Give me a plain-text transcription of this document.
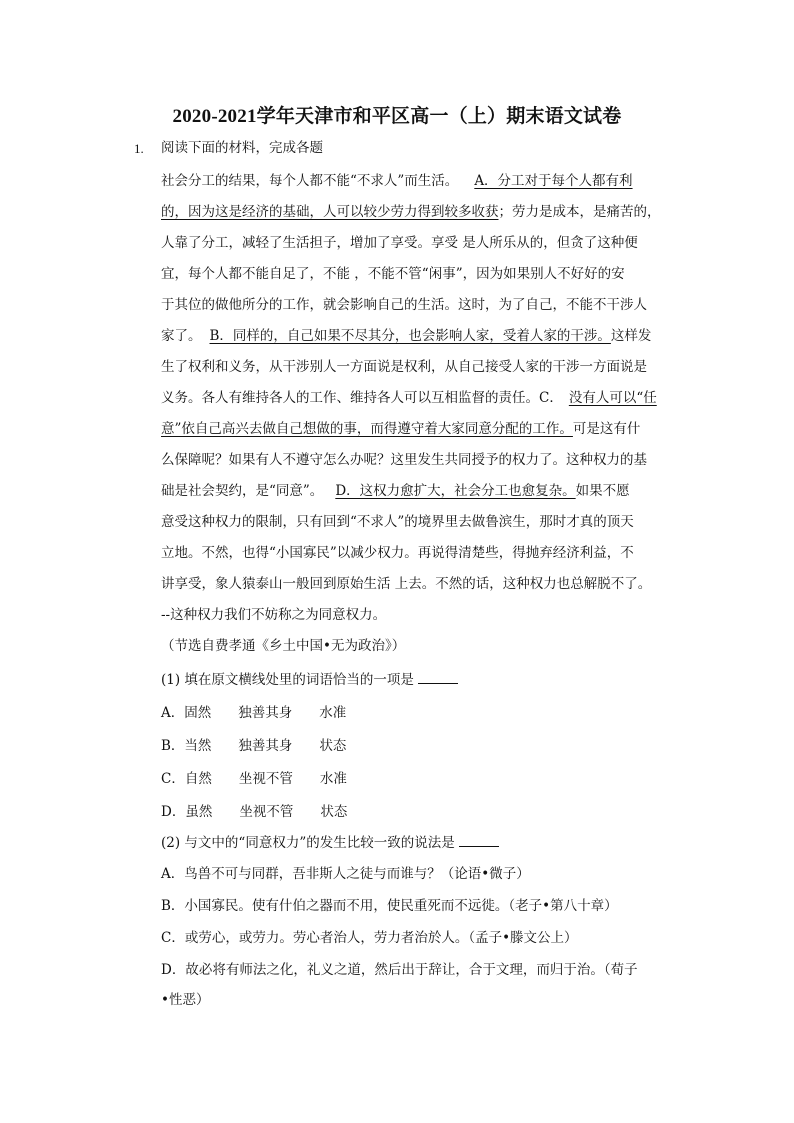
2020-2021学年天津市和平区高一（上）期末语文试卷
1. 阅读下面的材料，完成各题
社会分工的结果，每个人都不能“不求人”而生活。 A．分工对于每个人都有利
的，因为这是经济的基础，人可以较少劳力得到较多收获；劳力是成本，是痛苦的，
人靠了分工，减轻了生活担子，增加了享受。享受 是人所乐从的，但贪了这种便
宜，每个人都不能自足了，不能 ，不能不管“闲事”，因为如果别人不好好的安
于其位的做他所分的工作，就会影响自己的生活。这时，为了自己，不能不干涉人
家了。 B．同样的，自己如果不尽其分，也会影响人家，受着人家的干涉。这样发
生了权利和义务，从干涉别人一方面说是权利，从自己接受人家的干涉一方面说是
义务。各人有维持各人的工作、维持各人可以互相监督的责任。C． 没有人可以“任
意”依自己高兴去做自己想做的事，而得遵守着大家同意分配的工作。可是这有什
么保障呢？如果有人不遵守怎么办呢？这里发生共同授予的权力了。这种权力的基
础是社会契约，是“同意”。 D．这权力愈扩大，社会分工也愈复杂。如果不愿
意受这种权力的限制，只有回到“不求人”的境界里去做鲁滨生，那时才真的顶天
立地。不然，也得“小国寡民”以减少权力。再说得清楚些，得抛弃经济利益，不
讲享受，象人猿泰山一般回到原始生活 上去。不然的话，这种权力也总解脱不了。
--这种权力我们不妨称之为同意权力。
（节选自费孝通《乡土中国•无为政治》）
(1) 填在原文横线处里的词语恰当的一项是
A．固然　　独善其身　　水准
B．当然　　独善其身　　状态
C．自然　　坐视不管　　水准
D．虽然　　坐视不管　　状态
(2) 与文中的“同意权力”的发生比较一致的说法是
A．鸟兽不可与同群，吾非斯人之徒与而谁与？（论语•微子）
B．小国寡民。使有什伯之器而不用，使民重死而不远徙。（老子•第八十章）
C．或劳心，或劳力。劳心者治人，劳力者治於人。（孟子•滕文公上）
D．故必将有师法之化，礼义之道，然后出于辞让，合于文理，而归于治。（荀子
•性恶）
